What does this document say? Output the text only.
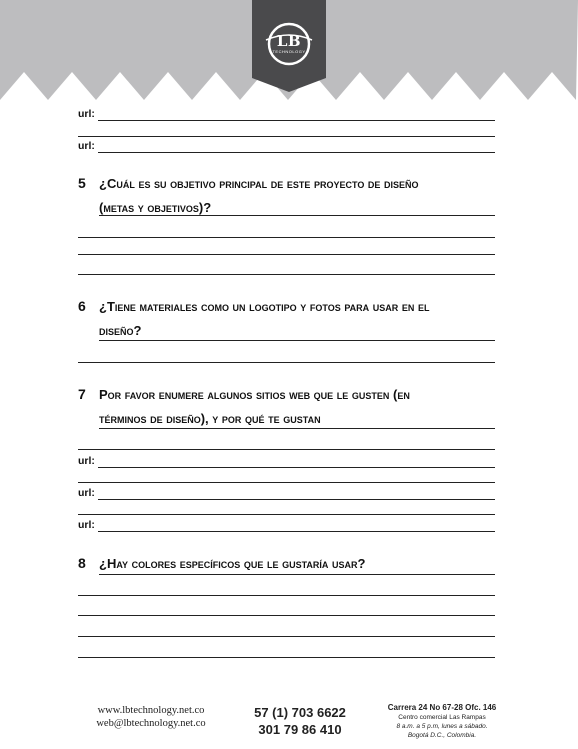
LB
TECHNOLOGY
url:
url:
5 ¿Cuál es su objetivo principal de este proyecto de diseño
(metas y objetivos)?
6 ¿Tiene materiales como un logotipo y fotos para usar en el
diseño?
7 Por favor enumere algunos sitios web que le gusten (en
términos de diseño), y por qué te gustan
url:
url:
url:
8 ¿Hay colores específicos que le gustaría usar?
www.lbtechnology.net.co
web@lbtechnology.net.co
57 (1) 703 6622
301 79 86 410
Carrera 24 No 67-28 Ofc. 146
Centro comercial Las Rampas
8 a.m. a 5 p.m, lunes a sábado.
Bogotá D.C., Colombia.
